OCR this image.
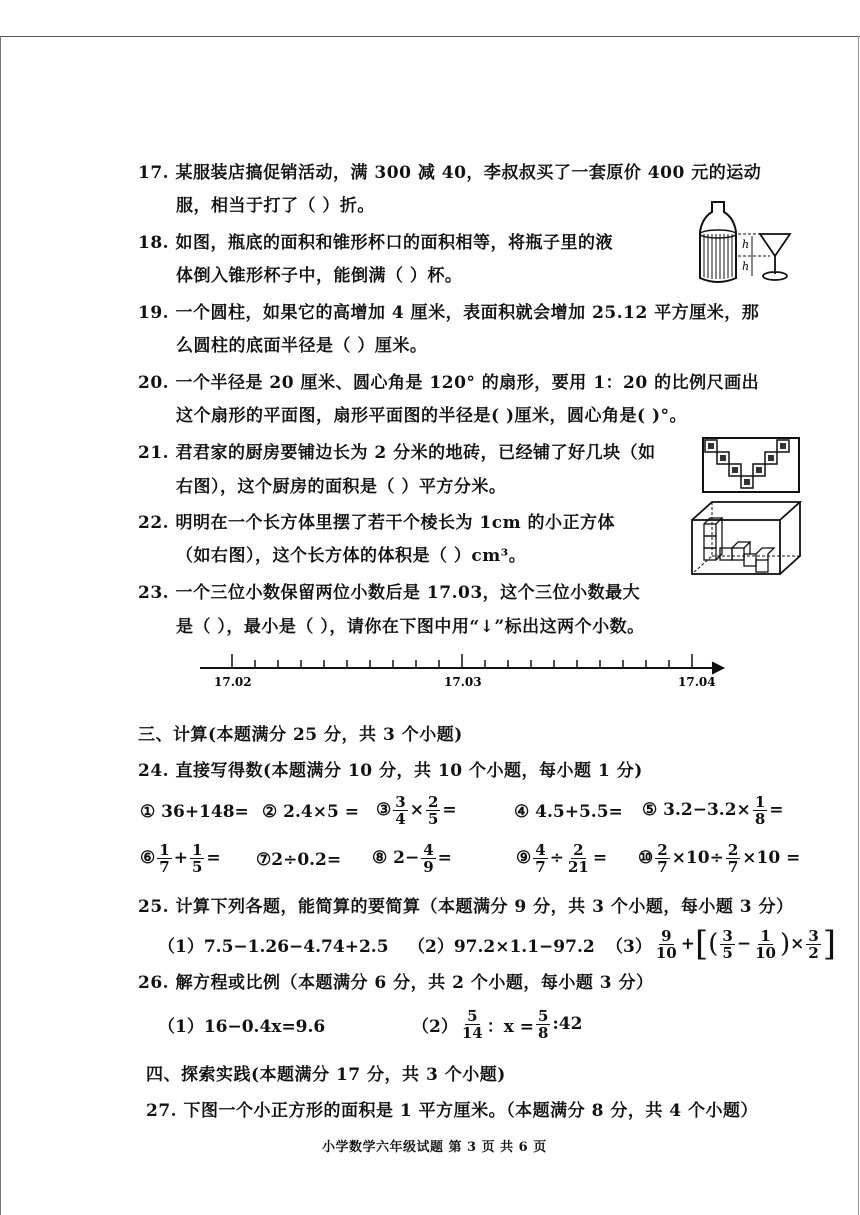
17. 某服装店搞促销活动，满 300 减 40，李叔叔买了一套原价 400 元的运动
服，相当于打了（ ）折。
18. 如图，瓶底的面积和锥形杯口的面积相等，将瓶子里的液
体倒入锥形杯子中，能倒满（ ）杯。
h
h
19. 一个圆柱，如果它的高增加 4 厘米，表面积就会增加 25.12 平方厘米，那
么圆柱的底面半径是（ ）厘米。
20. 一个半径是 20 厘米、圆心角是 120° 的扇形，要用 1：20 的比例尺画出
这个扇形的平面图，扇形平面图的半径是( )厘米，圆心角是( )°。
21. 君君家的厨房要铺边长为 2 分米的地砖，已经铺了好几块（如
右图），这个厨房的面积是（ ）平方分米。
22. 明明在一个长方体里摆了若干个棱长为 1cm 的小正方体
（如右图），这个长方体的体积是（ ）cm³。
23. 一个三位小数保留两位小数后是 17.03，这个三位小数最大
是（ ），最小是（ ），请你在下图中用“↓”标出这两个小数。
17.02	17.03	17.04
三、计算(本题满分 25 分，共 3 个小题)
24. 直接写得数(本题满分 10 分，共 10 个小题，每小题 1 分)
① 36+148= ② 2.4×5 = ③ $\frac{3}{4} \times \frac{2}{5}$ =	④ 4.5+5.5= ⑤ $3.2-3.2\times \frac{1}{8}$ =
⑥ $\frac{1}{7} + \frac{1}{5}$ = ⑦2÷0.2= ⑧ $2- \frac{4}{9}$ =	⑨ $\frac{4}{7} \div \frac{2}{21}$ = ⑩ $\frac{2}{7} \times 10 \div \frac{2}{7} \times 10$ =
25. 计算下列各题，能简算的要简算（本题满分 9 分，共 3 个小题，每小题 3 分）
（1）7.5−1.26−4.74+2.5 （2）97.2×1.1−97.2 $(3) \frac{9}{10}$ + [ ( $\frac{3}{5} - \frac{1}{10}$ ) × $\frac{3}{2}$ ]
26. 解方程或比例（本题满分 6 分，共 2 个小题，每小题 3 分）
（1）16−0.4x=9.6	$(2) \frac{5}{14}$ ：$x = \frac{5}{8}$ :42
四、探索实践(本题满分 17 分，共 3 个小题)
27. 下图一个小正方形的面积是 1 平方厘米。（本题满分 8 分，共 4 个小题）
小学数学六年级试题 第 3 页 共 6 页
